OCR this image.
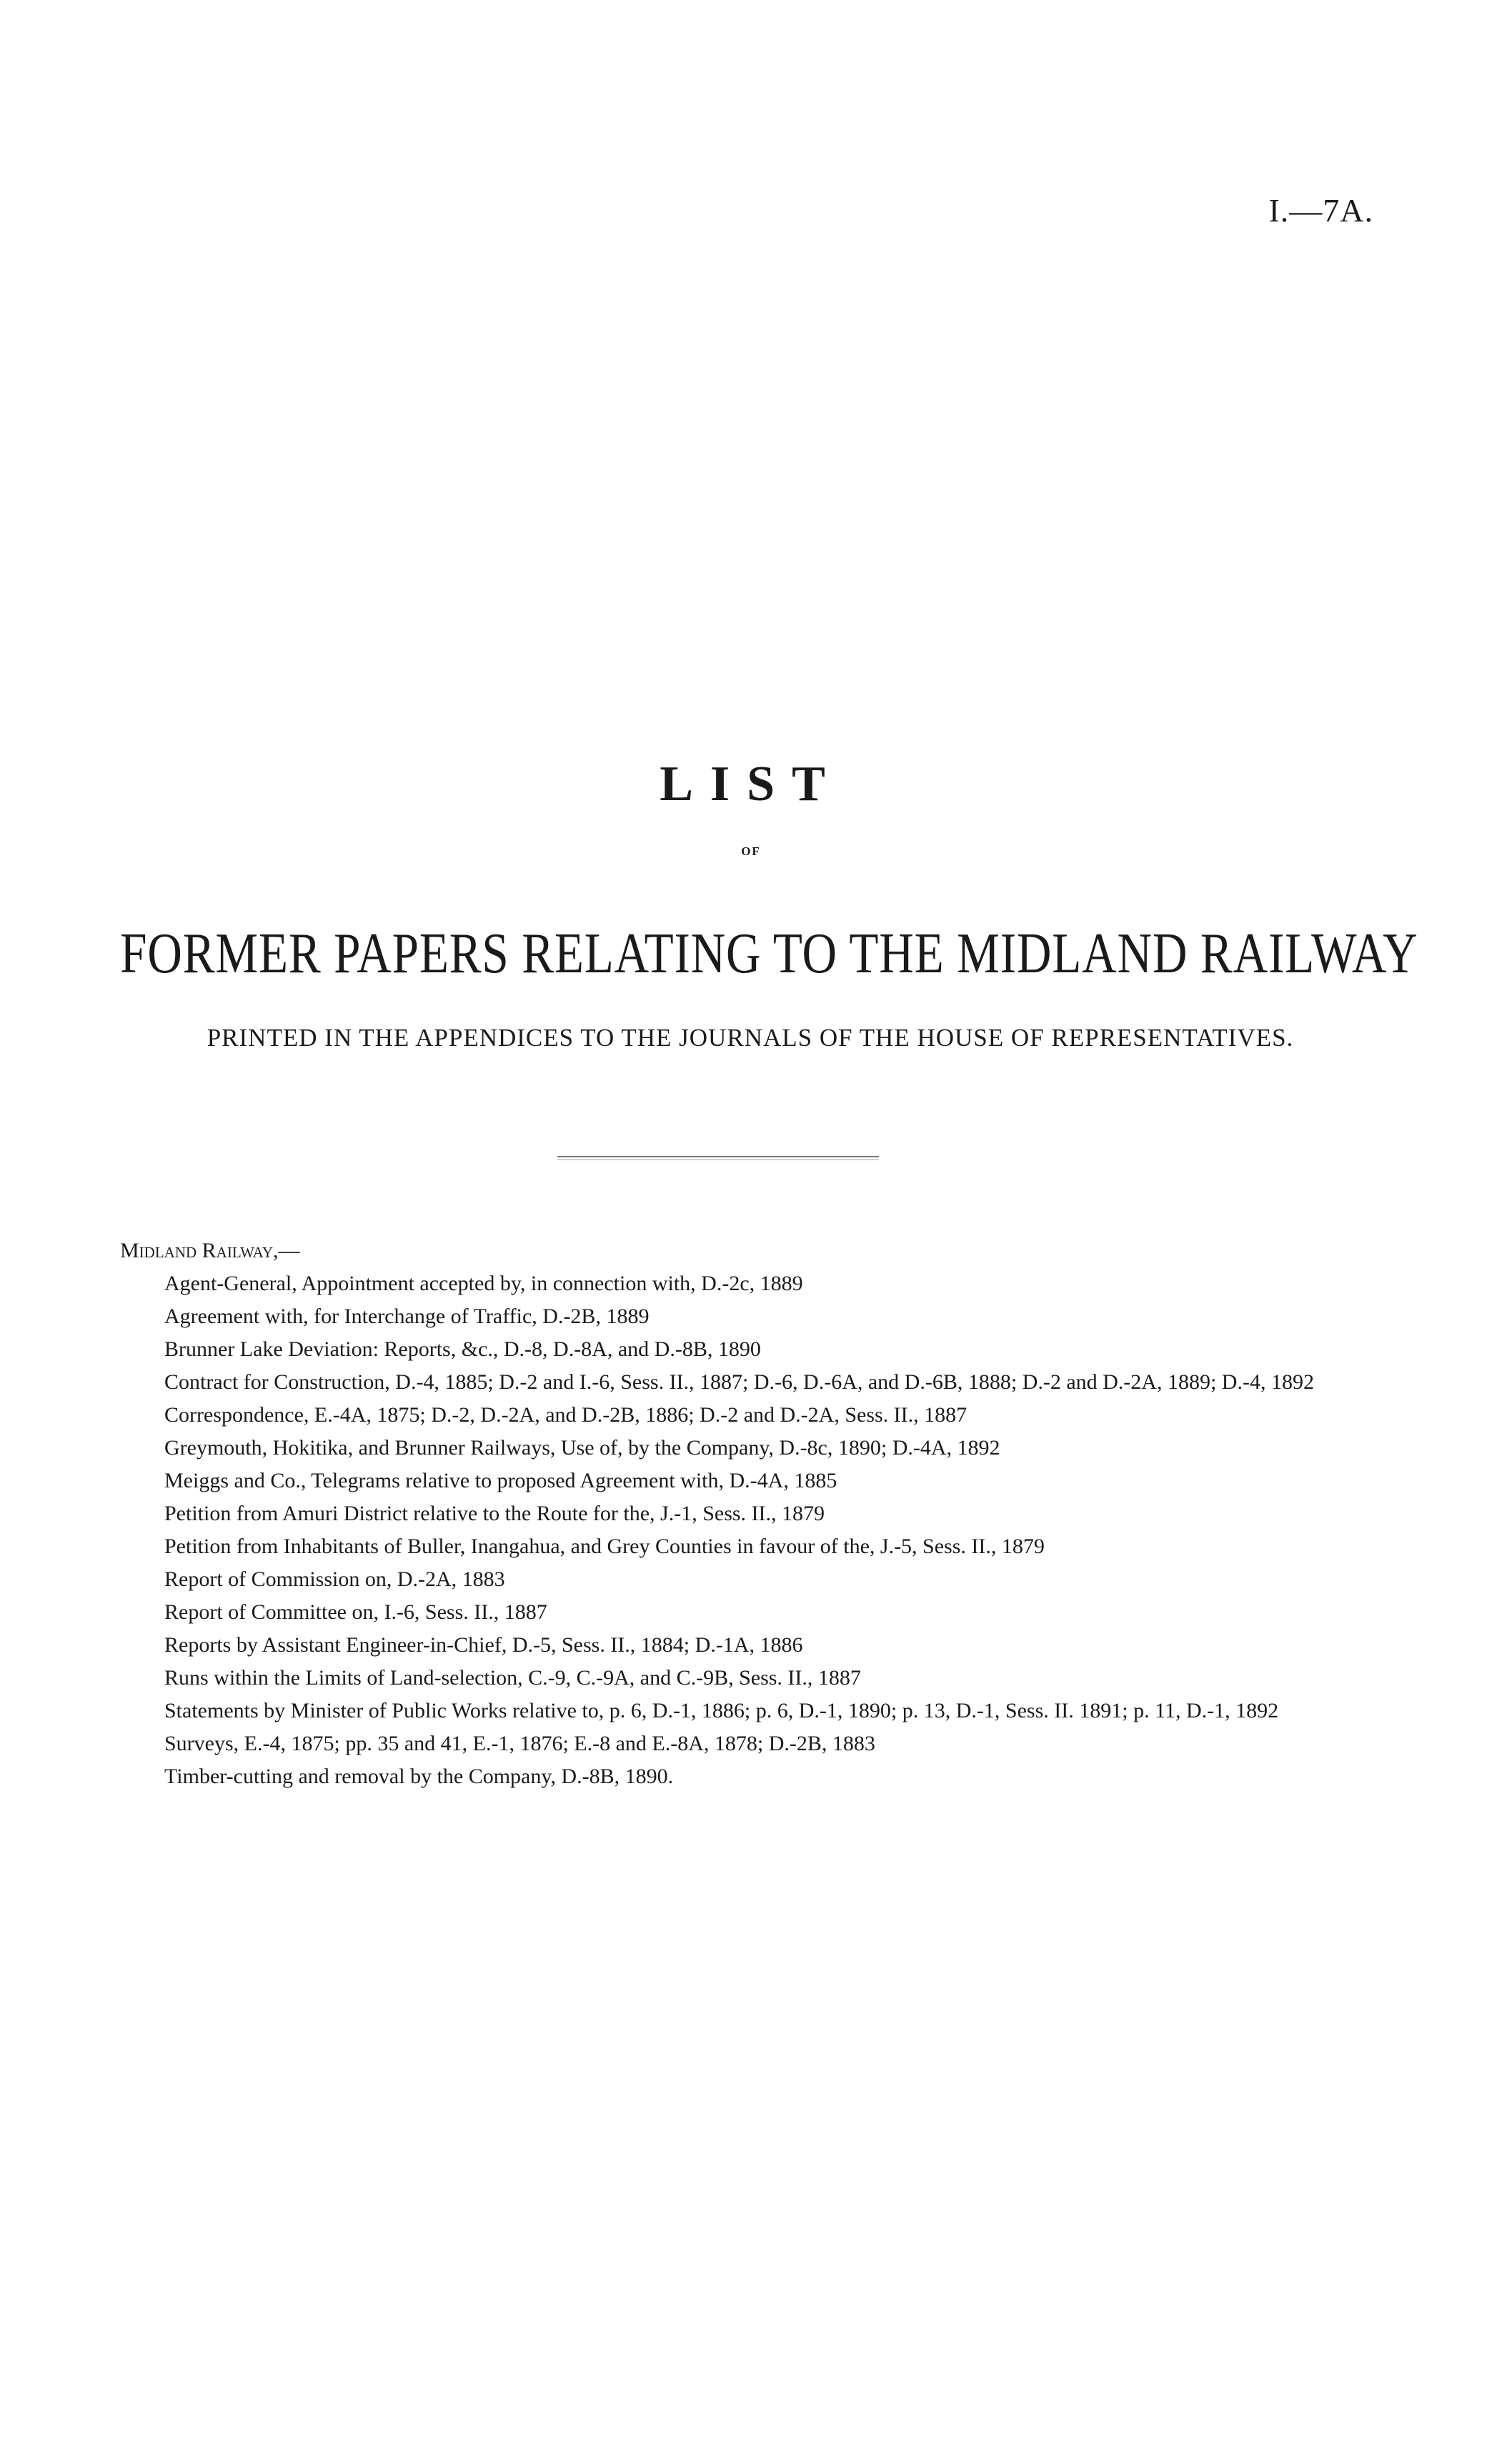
I.—7A.
LIST
OF
FORMER PAPERS RELATING TO THE MIDLAND RAILWAY
PRINTED IN THE APPENDICES TO THE JOURNALS OF THE HOUSE OF REPRESENTATIVES.
Midland Railway,—
Agent-General, Appointment accepted by, in connection with, D.-2c, 1889
Agreement with, for Interchange of Traffic, D.-2B, 1889
Brunner Lake Deviation: Reports, &c., D.-8, D.-8A, and D.-8B, 1890
Contract for Construction, D.-4, 1885; D.-2 and I.-6, Sess. II., 1887; D.-6, D.-6A, and D.-6B, 1888; D.-2 and D.-2A, 1889; D.-4, 1892
Correspondence, E.-4A, 1875; D.-2, D.-2A, and D.-2B, 1886; D.-2 and D.-2A, Sess. II., 1887
Greymouth, Hokitika, and Brunner Railways, Use of, by the Company, D.-8c, 1890; D.-4A, 1892
Meiggs and Co., Telegrams relative to proposed Agreement with, D.-4A, 1885
Petition from Amuri District relative to the Route for the, J.-1, Sess. II., 1879
Petition from Inhabitants of Buller, Inangahua, and Grey Counties in favour of the, J.-5, Sess. II., 1879
Report of Commission on, D.-2A, 1883
Report of Committee on, I.-6, Sess. II., 1887
Reports by Assistant Engineer-in-Chief, D.-5, Sess. II., 1884; D.-1A, 1886
Runs within the Limits of Land-selection, C.-9, C.-9A, and C.-9B, Sess. II., 1887
Statements by Minister of Public Works relative to, p. 6, D.-1, 1886; p. 6, D.-1, 1890; p. 13, D.-1, Sess. II. 1891; p. 11, D.-1, 1892
Surveys, E.-4, 1875; pp. 35 and 41, E.-1, 1876; E.-8 and E.-8A, 1878; D.-2B, 1883
Timber-cutting and removal by the Company, D.-8B, 1890.
